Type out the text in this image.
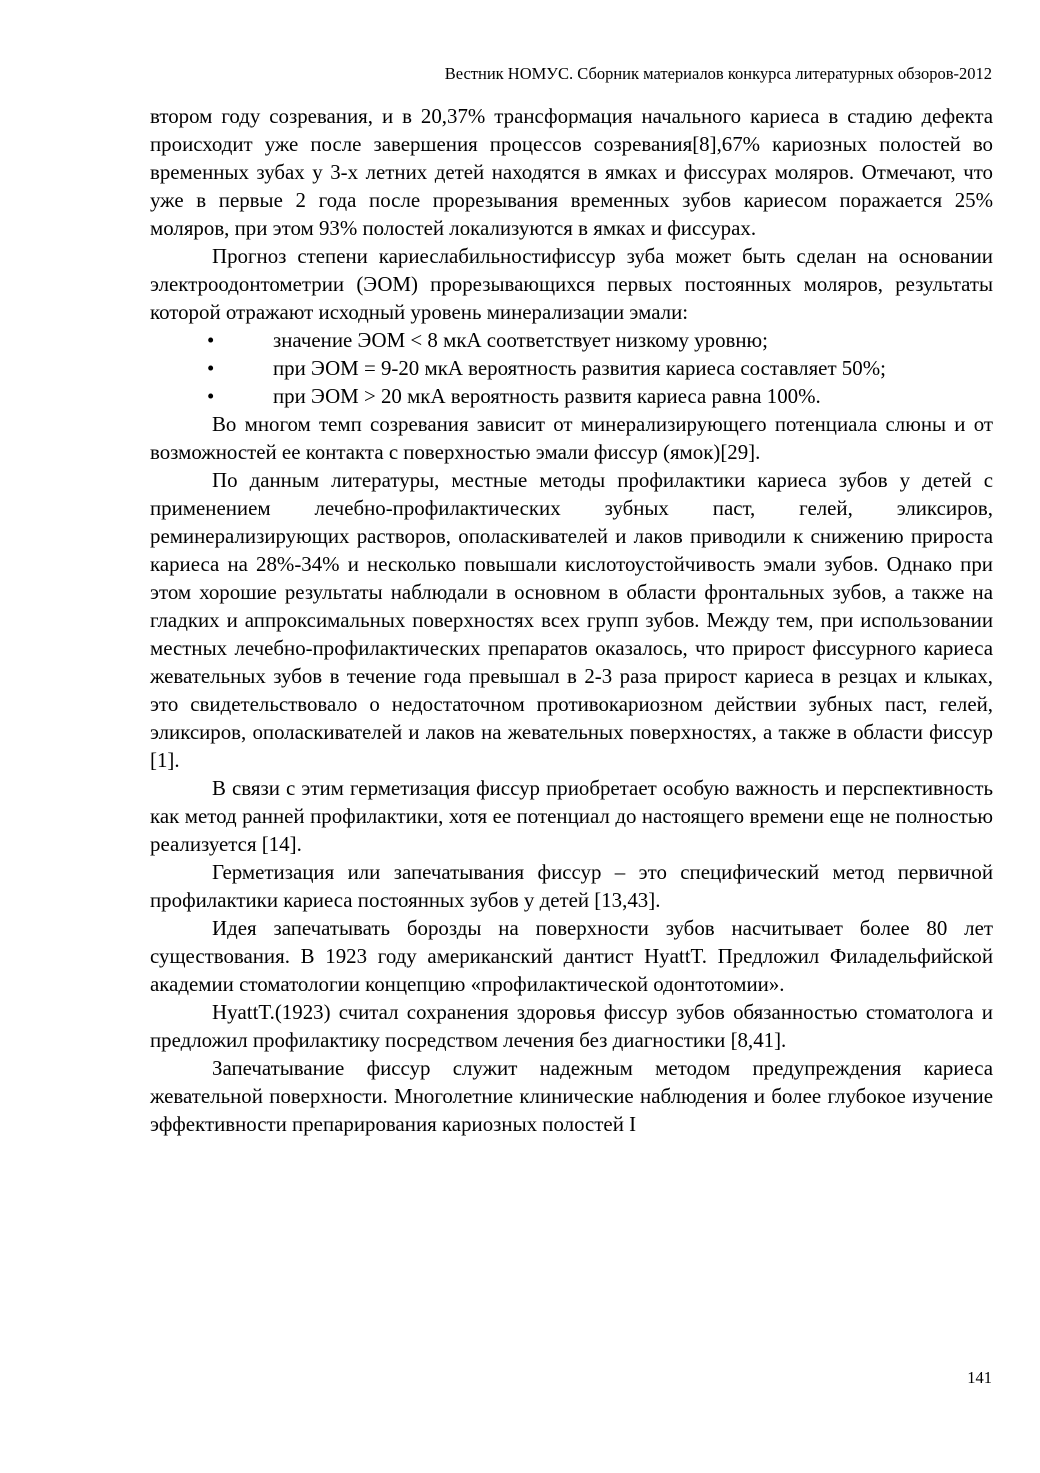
Вестник НОМУС. Сборник материалов конкурса литературных обзоров-2012

втором году созревания, и в 20,37% трансформация начального кариеса в стадию дефекта происходит уже после завершения процессов созревания[8],67% кариозных полостей во временных зубах у 3-х летних детей находятся в ямках и фиссурах моляров. Отмечают, что уже в первые 2 года после прорезывания временных зубов кариесом поражается 25% моляров, при этом 93% полостей локализуются в ямках и фиссурах.

Прогноз степени кариеслабильностифиссур зуба может быть сделан на основании электроодонтометрии (ЭОМ) прорезывающихся первых постоянных моляров, результаты которой отражают исходный уровень минерализации эмали:

•	значение ЭОМ < 8 мкА соответствует низкому уровню;
•	при ЭОМ = 9-20 мкА вероятность развития кариеса составляет 50%;
•	при ЭОМ > 20 мкА вероятность развитя кариеса равна 100%.

Во многом темп созревания зависит от минерализирующего потенциала слюны и от возможностей ее контакта с поверхностью эмали фиссур (ямок)[29].

По данным литературы, местные методы профилактики кариеса зубов у детей с применением лечебно-профилактических зубных паст, гелей, эликсиров, реминерализирующих растворов, ополаскивателей и лаков приводили к снижению прироста кариеса на 28%-34% и несколько повышали кислотоустойчивость эмали зубов. Однако при этом хорошие результаты наблюдали в основном в области фронтальных зубов, а также на гладких и аппроксимальных поверхностях всех групп зубов. Между тем, при использовании местных лечебно-профилактических препаратов оказалось, что прирост фиссурного кариеса жевательных зубов в течение года превышал в 2-3 раза прирост кариеса в резцах и клыках, это свидетельствовало о недостаточном противокариозном действии зубных паст, гелей, эликсиров, ополаскивателей и лаков на жевательных поверхностях, а также в области фиссур [1].

В связи с этим герметизация фиссур приобретает особую важность и перспективность как метод ранней профилактики, хотя ее потенциал до настоящего времени еще не полностью реализуется [14].

Герметизация или запечатывания фиссур – это специфический метод первичной профилактики кариеса постоянных зубов у детей [13,43].

Идея запечатывать борозды на поверхности зубов насчитывает более 80 лет существования. В 1923 году американский дантист HyattT. Предложил Филадельфийской академии стоматологии концепцию «профилактической одонтотомии».

HyattT.(1923) считал сохранения здоровья фиссур зубов обязанностью стоматолога и предложил профилактику посредством лечения без диагностики [8,41].

Запечатывание фиссур служит надежным методом предупреждения кариеса жевательной поверхности. Многолетние клинические наблюдения и более глубокое изучение эффективности препарирования кариозных полостей I

141
